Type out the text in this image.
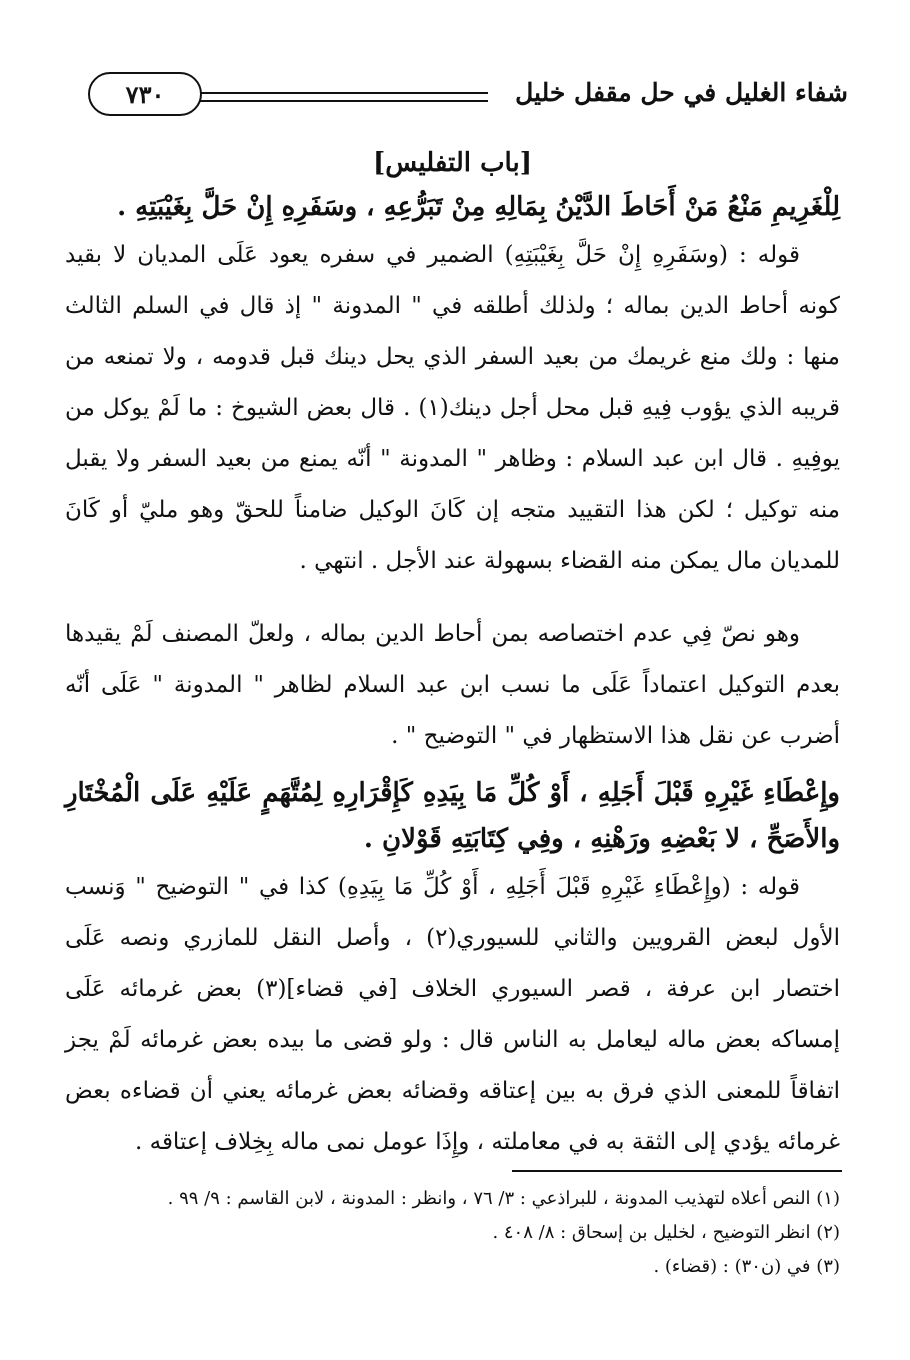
شفاء الغليل في حل مقفل خليل
٧٣٠
[باب التفليس]

لِلْغَرِيمِ مَنْعُ مَنْ أَحَاطَ الدَّيْنُ بِمَالِهِ مِنْ تَبَرُّعِهِ ، وسَفَرِهِ إِنْ حَلَّ بِغَيْبَتِهِ .

قوله : (وسَفَرِهِ إِنْ حَلَّ بِغَيْبَتِهِ) الضمير في سفره يعود عَلَى المديان لا بقيد كونه أحاط الدين بماله ؛ ولذلك أطلقه في " المدونة " إذ قال في السلم الثالث منها : ولك منع غريمك من بعيد السفر الذي يحل دينك قبل قدومه ، ولا تمنعه من قريبه الذي يؤوب فِيهِ قبل محل أجل دينك(١) . قال بعض الشيوخ : ما لَمْ يوكل من يوفِيهِ . قال ابن عبد السلام : وظاهر " المدونة " أنّه يمنع من بعيد السفر ولا يقبل منه توكيل ؛ لكن هذا التقييد متجه إن كَانَ الوكيل ضامناً للحقّ وهو مليّ أو كَانَ للمديان مال يمكن منه القضاء بسهولة عند الأجل . انتهي .

وهو نصّ فِي عدم اختصاصه بمن أحاط الدين بماله ، ولعلّ المصنف لَمْ يقيدها بعدم التوكيل اعتماداً عَلَى ما نسب ابن عبد السلام لظاهر " المدونة " عَلَى أنّه أضرب عن نقل هذا الاستظهار في " التوضيح " .

وإِعْطَاءِ غَيْرِهِ قَبْلَ أَجَلِهِ ، أَوْ كُلِّ مَا بِيَدِهِ كَإِقْرَارِهِ لِمُتَّهَمٍ عَلَيْهِ عَلَى الْمُخْتَارِ والأَصَحِّ ، لا بَعْضِهِ ورَهْنِهِ ، وفِي كِتَابَتِهِ قَوْلانِ .

قوله : (وإِعْطَاءِ غَيْرِهِ قَبْلَ أَجَلِهِ ، أَوْ كُلِّ مَا بِيَدِهِ) كذا في " التوضيح " وَنسب الأول لبعض القرويين والثاني للسيوري(٢) ، وأصل النقل للمازري ونصه عَلَى اختصار ابن عرفة ، قصر السيوري الخلاف [في قضاء](٣) بعض غرمائه عَلَى إمساكه بعض ماله ليعامل به الناس قال : ولو قضى ما بيده بعض غرمائه لَمْ يجز اتفاقاً للمعنى الذي فرق به بين إعتاقه وقضائه بعض غرمائه يعني أن قضاءه بعض غرمائه يؤدي إلى الثقة به في معاملته ، وإِذَا عومل نمى ماله بِخِلاف إعتاقه .

(١) النص أعلاه لتهذيب المدونة ، للبراذعي : ٣/ ٧٦ ، وانظر : المدونة ، لابن القاسم : ٩/ ٩٩ .

(٢) انظر التوضيح ، لخليل بن إسحاق : ٨/ ٤٠٨ .

(٣) في (ن٣٠) : (قضاء) .
